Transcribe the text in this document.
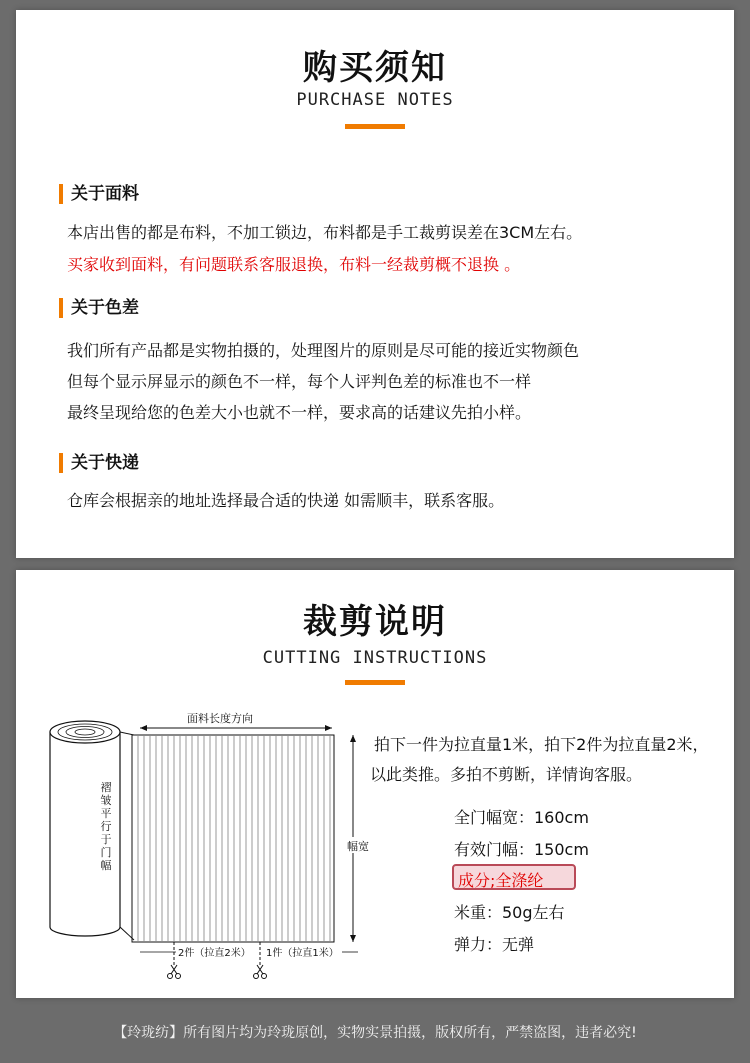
购买须知
PURCHASE NOTES
关于面料
本店出售的都是布料，不加工锁边，布料都是手工裁剪误差在3CM左右。
买家收到面料，有问题联系客服退换，布料一经裁剪概不退换 。
关于色差
我们所有产品都是实物拍摄的，处理图片的原则是尽可能的接近实物颜色
但每个显示屏显示的颜色不一样，每个人评判色差的标准也不一样
最终呈现给您的色差大小也就不一样，要求高的话建议先拍小样。
关于快递
仓库会根据亲的地址选择最合适的快递 如需顺丰，联系客服。
裁剪说明
CUTTING INSTRUCTIONS
面料长度方向
褶
皱
平
行
于
门
幅
幅宽
2件（拉直2米） 1件（拉直1米）
拍下一件为拉直量1米，拍下2件为拉直量2米，
以此类推。多拍不剪断，详情询客服。
全门幅宽：160cm
有效门幅：150cm
成分;全涤纶
米重：50g左右
弹力：无弹
【玲珑纺】所有图片均为玲珑原创，实物实景拍摄，版权所有，严禁盗图，违者必究!
